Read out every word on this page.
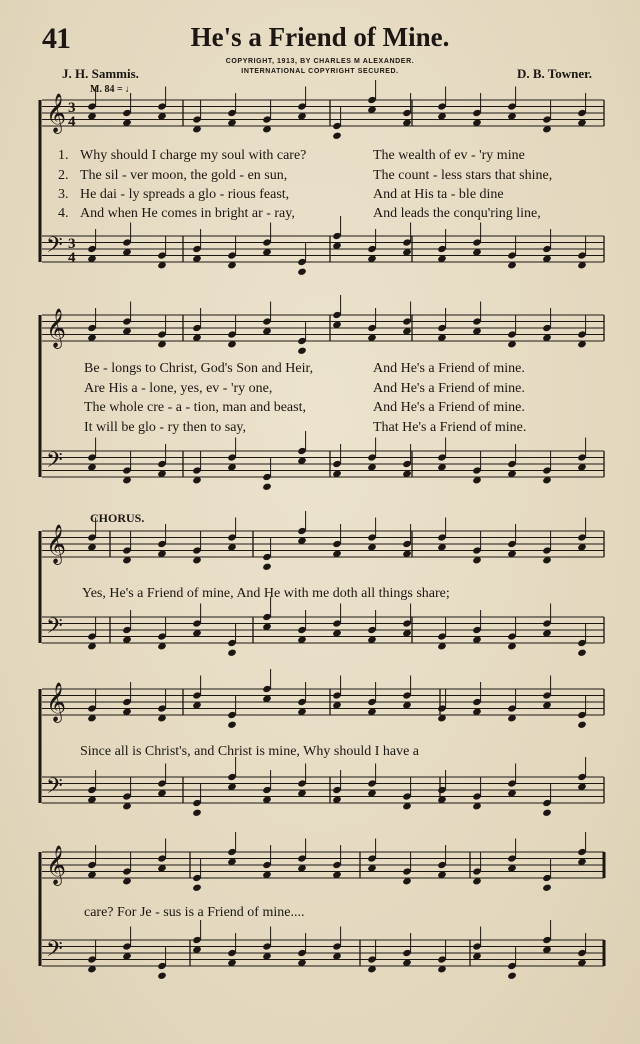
𝄞
𝄢
𝄞
𝄢
𝄞
𝄢
𝄞
𝄢
𝄞
𝄢
3
4
3
4
41	He's a Friend of Mine.
J. H. Sammis.	D. B. Towner.
COPYRIGHT, 1913, BY CHARLES M ALEXANDER.
INTERNATIONAL COPYRIGHT SECURED.
M. 84 = ♩
1. Why should I charge my soul with care?	The wealth of ev - 'ry mine
2. The sil - ver moon, the gold - en sun,	The count - less stars that shine,
3. He dai - ly spreads a glo - rious feast,	And at His ta - ble dine
4. And when He comes in bright ar - ray,	And leads the conqu'ring line,
Be - longs to Christ, God's Son and Heir,	And He's a Friend of mine.
Are His a - lone, yes, ev - 'ry one,	And He's a Friend of mine.
The whole cre - a - tion, man and beast,	And He's a Friend of mine.
It will be glo - ry then to say,	That He's a Friend of mine.
CHORUS.
Yes, He's a Friend of mine, And He with me doth all things share;
Since all is Christ's, and Christ is mine, Why should I have a
care? For Je - sus is a Friend of mine....
